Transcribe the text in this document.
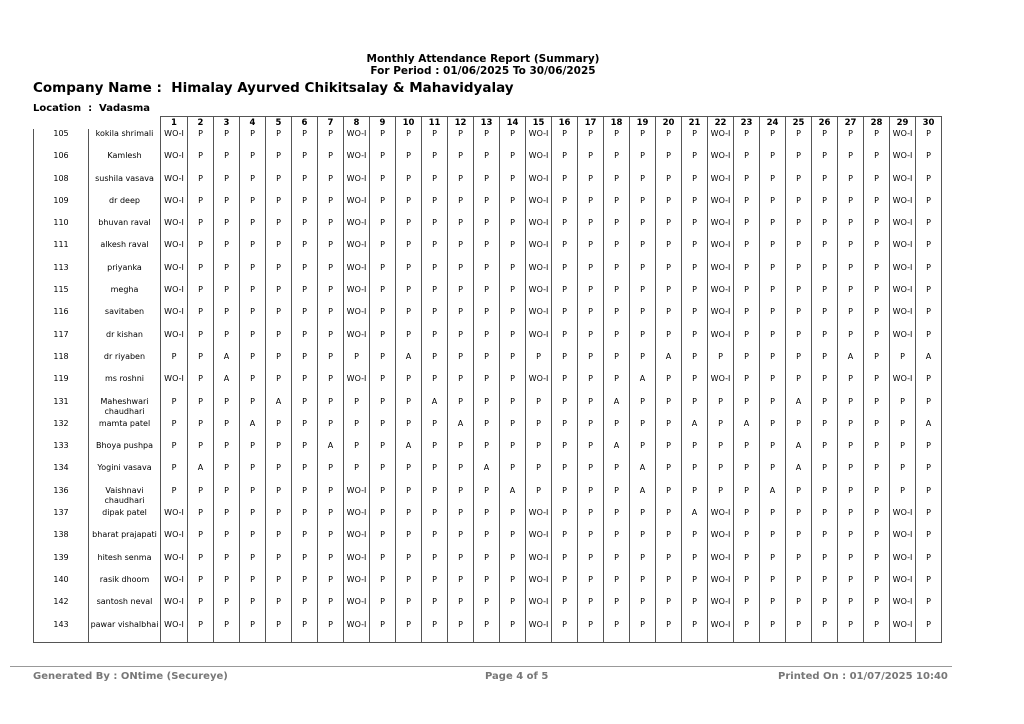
Monthly Attendance Report (Summary)
For Period : 01/06/2025 To 30/06/2025
Company Name :  Himalay Ayurved Chikitsalay & Mahavidyalay
Location  :  Vadasma
		1	2	3	4	5	6	7	8	9	10	11	12	13	14	15	16	17	18	19	20	21	22	23	24	25	26	27	28	29	30
105	kokila shrimali	WO-I	P	P	P	P	P	P	WO-I	P	P	P	P	P	P	WO-I	P	P	P	P	P	P	WO-I	P	P	P	P	P	P	WO-I	P
106	Kamlesh	WO-I	P	P	P	P	P	P	WO-I	P	P	P	P	P	P	WO-I	P	P	P	P	P	P	WO-I	P	P	P	P	P	P	WO-I	P
108	sushila vasava	WO-I	P	P	P	P	P	P	WO-I	P	P	P	P	P	P	WO-I	P	P	P	P	P	P	WO-I	P	P	P	P	P	P	WO-I	P
109	dr deep	WO-I	P	P	P	P	P	P	WO-I	P	P	P	P	P	P	WO-I	P	P	P	P	P	P	WO-I	P	P	P	P	P	P	WO-I	P
110	bhuvan raval	WO-I	P	P	P	P	P	P	WO-I	P	P	P	P	P	P	WO-I	P	P	P	P	P	P	WO-I	P	P	P	P	P	P	WO-I	P
111	alkesh raval	WO-I	P	P	P	P	P	P	WO-I	P	P	P	P	P	P	WO-I	P	P	P	P	P	P	WO-I	P	P	P	P	P	P	WO-I	P
113	priyanka	WO-I	P	P	P	P	P	P	WO-I	P	P	P	P	P	P	WO-I	P	P	P	P	P	P	WO-I	P	P	P	P	P	P	WO-I	P
115	megha	WO-I	P	P	P	P	P	P	WO-I	P	P	P	P	P	P	WO-I	P	P	P	P	P	P	WO-I	P	P	P	P	P	P	WO-I	P
116	savitaben	WO-I	P	P	P	P	P	P	WO-I	P	P	P	P	P	P	WO-I	P	P	P	P	P	P	WO-I	P	P	P	P	P	P	WO-I	P
117	dr kishan	WO-I	P	P	P	P	P	P	WO-I	P	P	P	P	P	P	WO-I	P	P	P	P	P	P	WO-I	P	P	P	P	P	P	WO-I	P
118	dr riyaben	P	P	A	P	P	P	P	P	P	A	P	P	P	P	P	P	P	P	P	A	P	P	P	P	P	P	A	P	P	A
119	ms roshni	WO-I	P	A	P	P	P	P	WO-I	P	P	P	P	P	P	WO-I	P	P	P	A	P	P	WO-I	P	P	P	P	P	P	WO-I	P
131	Maheshwari chaudhari	P	P	P	P	A	P	P	P	P	P	A	P	P	P	P	P	P	A	P	P	P	P	P	P	A	P	P	P	P	P
132	mamta patel	P	P	P	A	P	P	P	P	P	P	P	A	P	P	P	P	P	P	P	P	A	P	A	P	P	P	P	P	P	A
133	Bhoya pushpa	P	P	P	P	P	P	A	P	P	A	P	P	P	P	P	P	P	A	P	P	P	P	P	P	A	P	P	P	P	P
134	Yogini vasava	P	A	P	P	P	P	P	P	P	P	P	P	A	P	P	P	P	P	A	P	P	P	P	P	A	P	P	P	P	P
136	Vaishnavi chaudhari	P	P	P	P	P	P	P	WO-I	P	P	P	P	P	A	P	P	P	P	A	P	P	P	P	A	P	P	P	P	P	P
137	dipak patel	WO-I	P	P	P	P	P	P	WO-I	P	P	P	P	P	P	WO-I	P	P	P	P	P	A	WO-I	P	P	P	P	P	P	WO-I	P
138	bharat prajapati	WO-I	P	P	P	P	P	P	WO-I	P	P	P	P	P	P	WO-I	P	P	P	P	P	P	WO-I	P	P	P	P	P	P	WO-I	P
139	hitesh senma	WO-I	P	P	P	P	P	P	WO-I	P	P	P	P	P	P	WO-I	P	P	P	P	P	P	WO-I	P	P	P	P	P	P	WO-I	P
140	rasik dhoom	WO-I	P	P	P	P	P	P	WO-I	P	P	P	P	P	P	WO-I	P	P	P	P	P	P	WO-I	P	P	P	P	P	P	WO-I	P
142	santosh neval	WO-I	P	P	P	P	P	P	WO-I	P	P	P	P	P	P	WO-I	P	P	P	P	P	P	WO-I	P	P	P	P	P	P	WO-I	P
143	pawar vishalbhai	WO-I	P	P	P	P	P	P	WO-I	P	P	P	P	P	P	WO-I	P	P	P	P	P	P	WO-I	P	P	P	P	P	P	WO-I	P
Generated By : ONtime (Secureye)	Page 4 of 5	Printed On : 01/07/2025 10:40
